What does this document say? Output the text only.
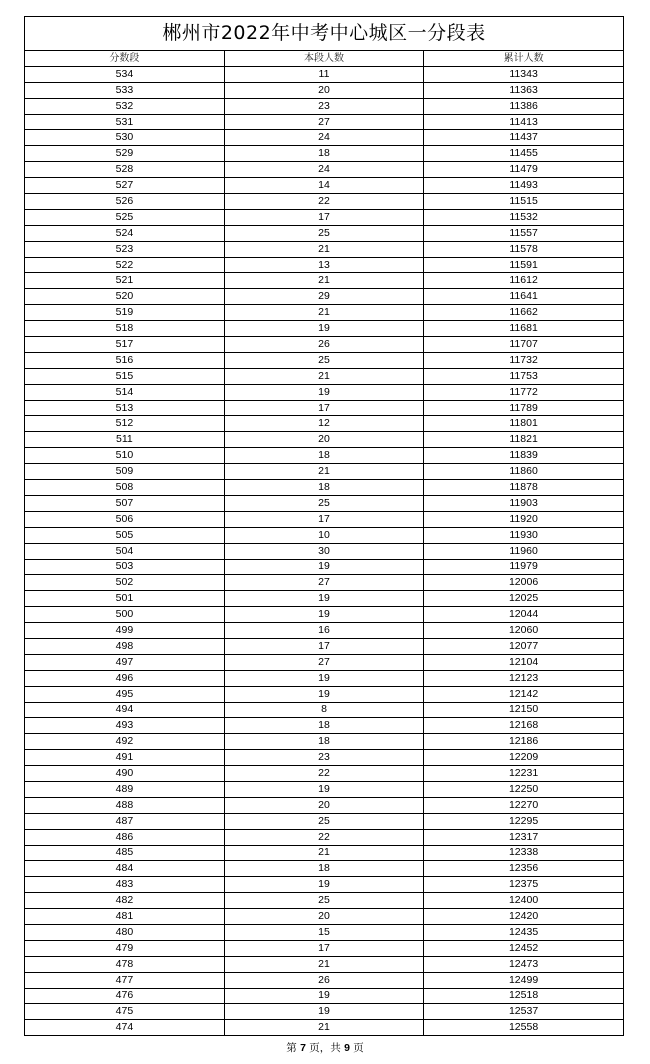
郴州市2022年中考中心城区一分段表
分数段	本段人数	累计人数
534	11	11343
533	20	11363
532	23	11386
531	27	11413
530	24	11437
529	18	11455
528	24	11479
527	14	11493
526	22	11515
525	17	11532
524	25	11557
523	21	11578
522	13	11591
521	21	11612
520	29	11641
519	21	11662
518	19	11681
517	26	11707
516	25	11732
515	21	11753
514	19	11772
513	17	11789
512	12	11801
511	20	11821
510	18	11839
509	21	11860
508	18	11878
507	25	11903
506	17	11920
505	10	11930
504	30	11960
503	19	11979
502	27	12006
501	19	12025
500	19	12044
499	16	12060
498	17	12077
497	27	12104
496	19	12123
495	19	12142
494	8	12150
493	18	12168
492	18	12186
491	23	12209
490	22	12231
489	19	12250
488	20	12270
487	25	12295
486	22	12317
485	21	12338
484	18	12356
483	19	12375
482	25	12400
481	20	12420
480	15	12435
479	17	12452
478	21	12473
477	26	12499
476	19	12518
475	19	12537
474	21	12558
第 7 页，共 9 页
